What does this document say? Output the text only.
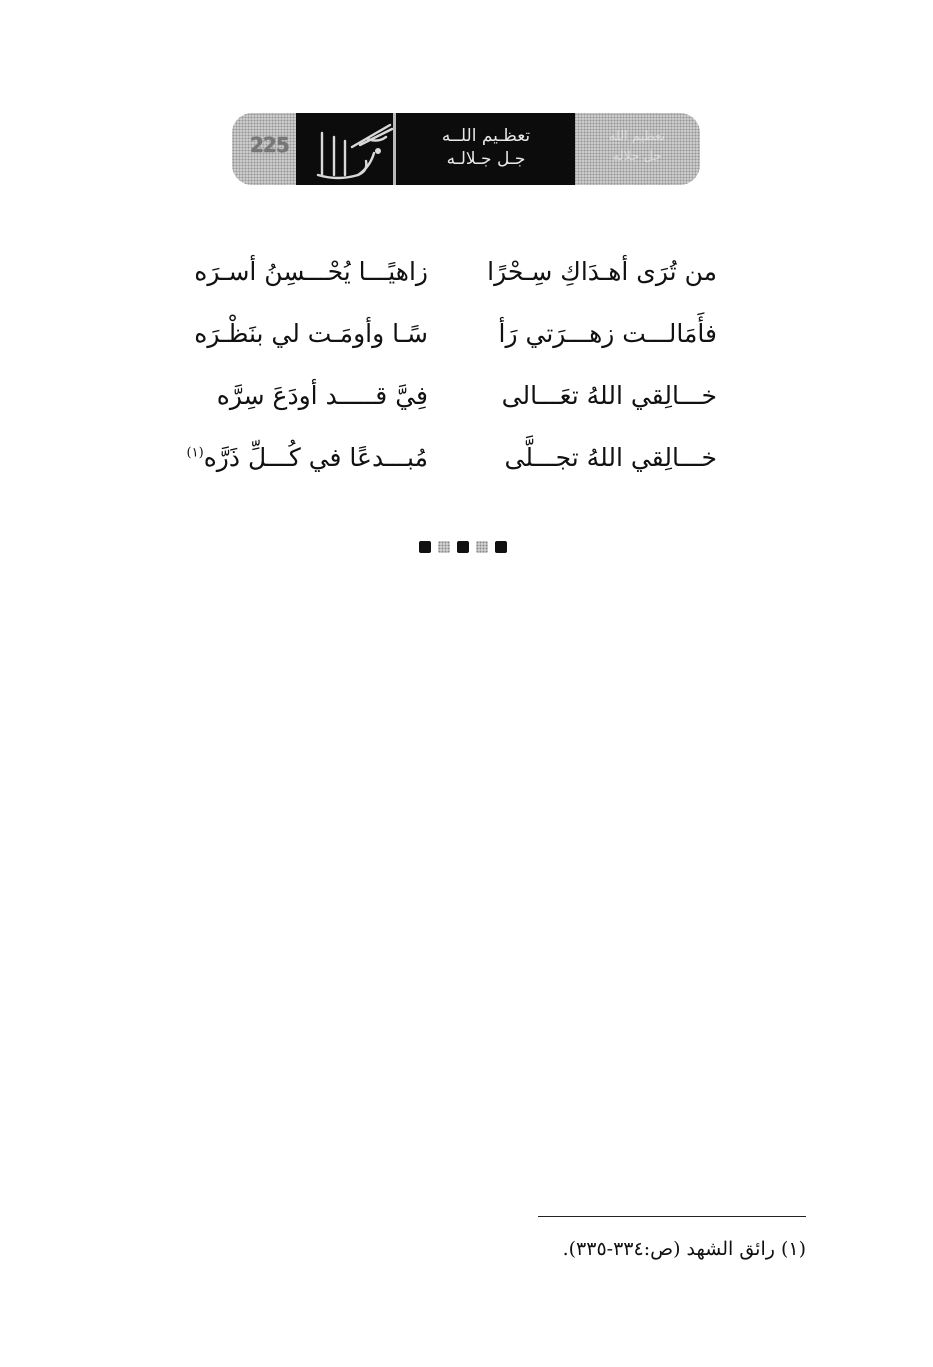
225	تعظـيم اللــه
جـل جـلالـه
تعظيم الله
جل جلاله
من تُرَى أهـدَاكِ سِـحْرًا
زاهيًـــا يُحْـــسِنُ أسـرَه
فأَمَالـــت زهـــرَتي رَأ
سًـا وأومَـت لي بنَظْـرَه
خـــالِقي اللهُ تعَـــالى
فِيَّ قـــــد أودَعَ سِرَّه
خـــالِقي اللهُ تجـــلَّى
مُبـــدعًا في كُـــلِّ ذَرَّه$^{(١)}$
(١) رائق الشهد (ص:٣٣٤-٣٣٥).
